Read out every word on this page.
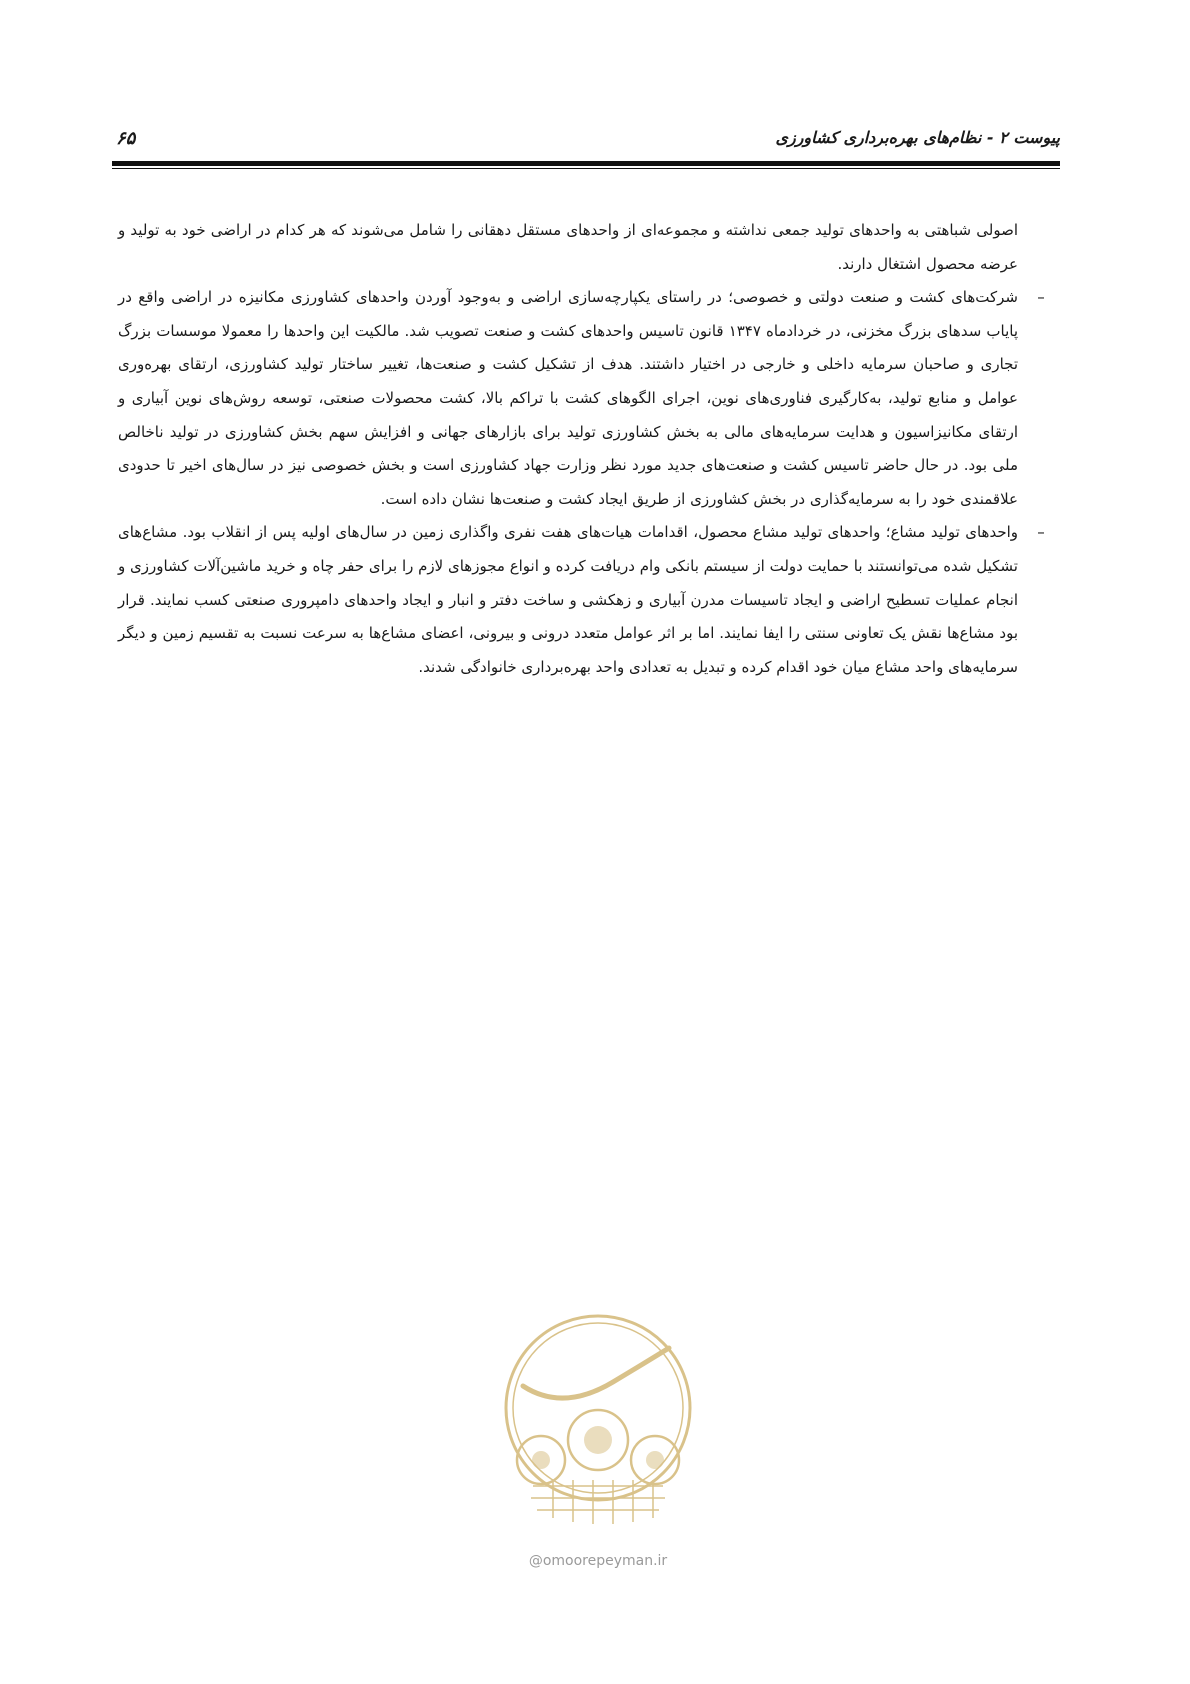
پیوست ۲ - نظام‌های بهره‌برداری کشاورزی
۶۵

اصولی شباهتی به واحدهای تولید جمعی نداشته و مجموعه‌ای از واحدهای مستقل دهقانی را شامل می‌شوند که هر کدام در اراضی خود به تولید و عرضه محصول اشتغال دارند.

–
شرکت‌های کشت و صنعت دولتی و خصوصی؛ در راستای یکپارچه‌سازی اراضی و به‌وجود آوردن واحدهای کشاورزی مکانیزه در اراضی واقع در پایاب سدهای بزرگ مخزنی، در خردادماه ۱۳۴۷ قانون تاسیس واحدهای کشت و صنعت تصویب شد. مالکیت این واحدها را معمولا موسسات بزرگ تجاری و صاحبان سرمایه داخلی و خارجی در اختیار داشتند. هدف از تشکیل کشت و صنعت‌ها، تغییر ساختار تولید کشاورزی، ارتقای بهره‌وری عوامل و منابع تولید، به‌کارگیری فناوری‌های نوین، اجرای الگوهای کشت با تراکم بالا، کشت محصولات صنعتی، توسعه روش‌های نوین آبیاری و ارتقای مکانیزاسیون و هدایت سرمایه‌های مالی به بخش کشاورزی تولید برای بازارهای جهانی و افزایش سهم بخش کشاورزی در تولید ناخالص ملی بود. در حال حاضر تاسیس کشت و صنعت‌های جدید مورد نظر وزارت جهاد کشاورزی است و بخش خصوصی نیز در سال‌های اخیر تا حدودی علاقمندی خود را به سرمایه‌گذاری در بخش کشاورزی از طریق ایجاد کشت و صنعت‌ها نشان داده است.

–
واحدهای تولید مشاع؛ واحدهای تولید مشاع محصول، اقدامات هیات‌های هفت نفری واگذاری زمین در سال‌های اولیه پس از انقلاب بود. مشاع‌های تشکیل شده می‌توانستند با حمایت دولت از سیستم بانکی وام دریافت کرده و انواع مجوزهای لازم را برای حفر چاه و خرید ماشین‌آلات کشاورزی و انجام عملیات تسطیح اراضی و ایجاد تاسیسات مدرن آبیاری و زهکشی و ساخت دفتر و انبار و ایجاد واحدهای دامپروری صنعتی کسب نمایند. قرار بود مشاع‌ها نقش یک تعاونی سنتی را ایفا نمایند. اما بر اثر عوامل متعدد درونی و بیرونی، اعضای مشاع‌ها به سرعت نسبت به تقسیم زمین و دیگر سرمایه‌های واحد مشاع میان خود اقدام کرده و تبدیل به تعدادی واحد بهره‌برداری خانوادگی شدند.

@omoorepeyman.ir
